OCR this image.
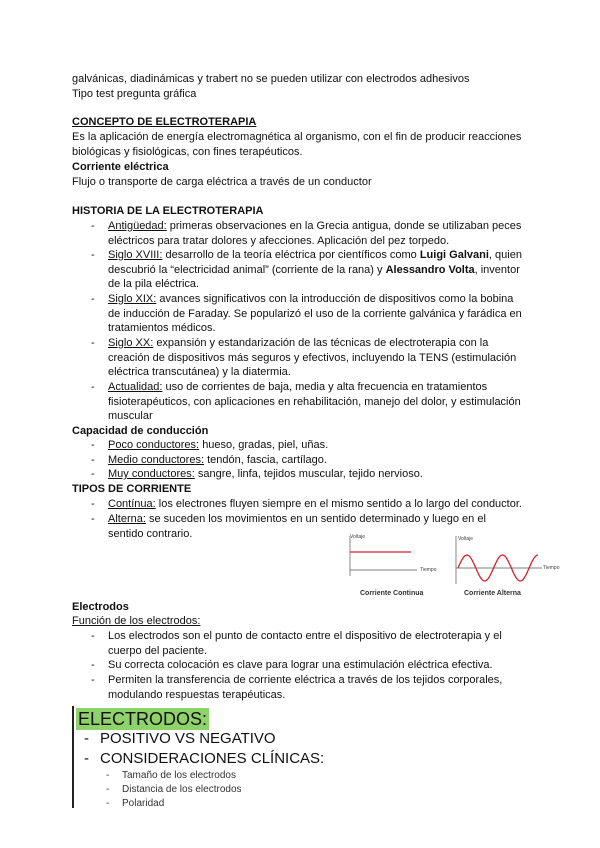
galvánicas, diadinámicas y trabert no se pueden utilizar con electrodos adhesivos
Tipo test pregunta gráfica
CONCEPTO DE ELECTROTERAPIA
Es la aplicación de energía electromagnética al organismo, con el fin de producir reacciones
biológicas y fisiológicas, con fines terapéuticos.
Corriente eléctrica
Flujo o transporte de carga eléctrica a través de un conductor
HISTORIA DE LA ELECTROTERAPIA
- Antigüedad: primeras observaciones en la Grecia antigua, donde se utilizaban peces
eléctricos para tratar dolores y afecciones. Aplicación del pez torpedo.
- Siglo XVIII: desarrollo de la teoría eléctrica por científicos como Luigi Galvani, quien
descubrió la “electricidad animal” (corriente de la rana) y Alessandro Volta, inventor
de la pila eléctrica.
- Siglo XIX: avances significativos con la introducción de dispositivos como la bobina
de inducción de Faraday. Se popularizó el uso de la corriente galvánica y farádica en
tratamientos médicos.
- Siglo XX: expansión y estandarización de las técnicas de electroterapia con la
creación de dispositivos más seguros y efectivos, incluyendo la TENS (estimulación
eléctrica transcutánea) y la diatermia.
- Actualidad: uso de corrientes de baja, media y alta frecuencia en tratamientos
fisioterapéuticos, con aplicaciones en rehabilitación, manejo del dolor, y estimulación
muscular
Capacidad de conducción
- Poco conductores: hueso, gradas, piel, uñas.
- Medio conductores: tendón, fascia, cartílago.
- Muy conductores: sangre, linfa, tejidos muscular, tejido nervioso.
TIPOS DE CORRIENTE
- Contínua: los electrones fluyen siempre en el mismo sentido a lo largo del conductor.
- Alterna: se suceden los movimientos en un sentido determinado y luego en el
sentido contrario.	Voltaje
Tiempo
Corriente Continua
Voltaje
Tiempo
Corriente Alterna
Electrodos
Función de los electrodos:
- Los electrodos son el punto de contacto entre el dispositivo de electroterapia y el
cuerpo del paciente.
- Su correcta colocación es clave para lograr una estimulación eléctrica efectiva.
- Permiten la transferencia de corriente eléctrica a través de los tejidos corporales,
modulando respuestas terapéuticas.
ELECTRODOS:
- POSITIVO VS NEGATIVO
- CONSIDERACIONES CLÍNICAS:
- Tamaño de los electrodos
- Distancia de los electrodos
- Polaridad
